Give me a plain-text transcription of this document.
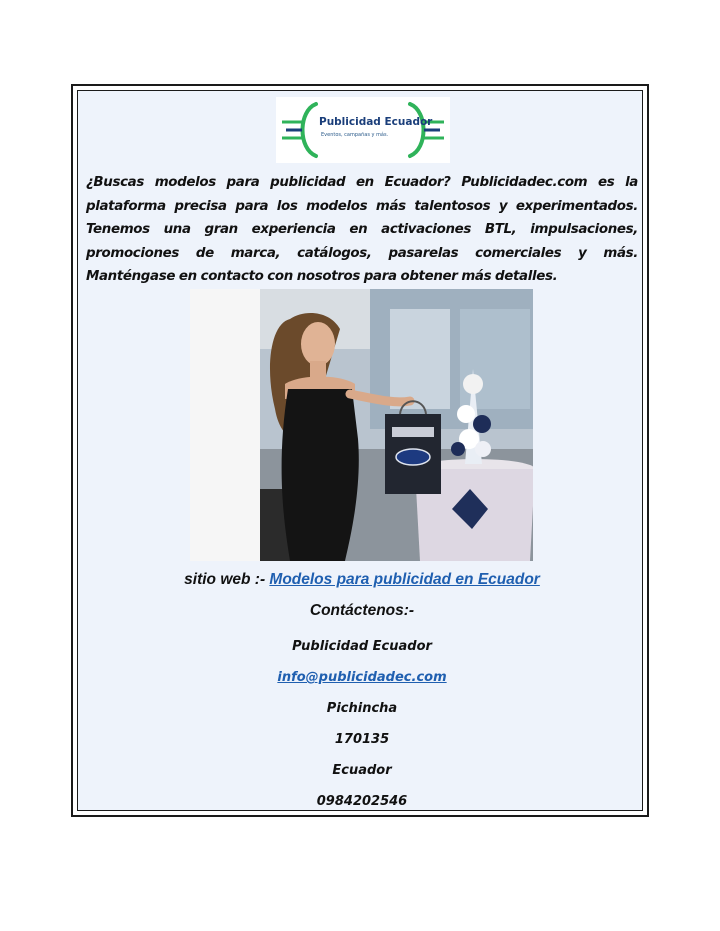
Publicidad Ecuador
Eventos, campañas y más.
¿Buscas modelos para publicidad en Ecuador? Publicidadec.com es la plataforma precisa para los modelos más talentosos y experimentados. Tenemos una gran experiencia en activaciones BTL, impulsaciones, promociones de marca, catálogos, pasarelas comerciales y más. Manténgase en contacto con nosotros para obtener más detalles.
sitio web :- Modelos para publicidad en Ecuador
Contáctenos:-
Publicidad Ecuador
info@publicidadec.com
Pichincha
170135
Ecuador
0984202546
